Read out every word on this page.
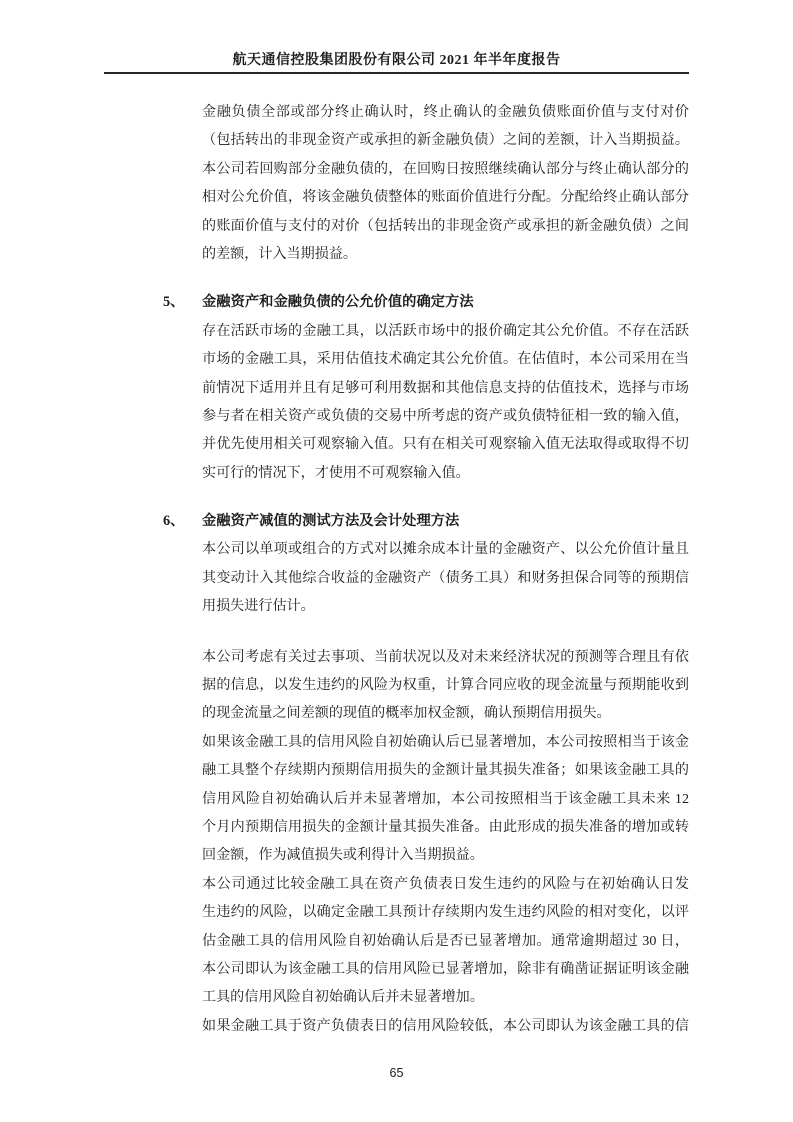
航天通信控股集团股份有限公司 2021 年半年度报告
金融负债全部或部分终止确认时，终止确认的金融负债账面价值与支付对价
（包括转出的非现金资产或承担的新金融负债）之间的差额，计入当期损益。
本公司若回购部分金融负债的，在回购日按照继续确认部分与终止确认部分的
相对公允价值，将该金融负债整体的账面价值进行分配。分配给终止确认部分
的账面价值与支付的对价（包括转出的非现金资产或承担的新金融负债）之间
的差额，计入当期损益。
5、 金融资产和金融负债的公允价值的确定方法
存在活跃市场的金融工具，以活跃市场中的报价确定其公允价值。不存在活跃
市场的金融工具，采用估值技术确定其公允价值。在估值时，本公司采用在当
前情况下适用并且有足够可利用数据和其他信息支持的估值技术，选择与市场
参与者在相关资产或负债的交易中所考虑的资产或负债特征相一致的输入值，
并优先使用相关可观察输入值。只有在相关可观察输入值无法取得或取得不切
实可行的情况下，才使用不可观察输入值。
6、 金融资产减值的测试方法及会计处理方法
本公司以单项或组合的方式对以摊余成本计量的金融资产、以公允价值计量且
其变动计入其他综合收益的金融资产（债务工具）和财务担保合同等的预期信
用损失进行估计。
本公司考虑有关过去事项、当前状况以及对未来经济状况的预测等合理且有依
据的信息，以发生违约的风险为权重，计算合同应收的现金流量与预期能收到
的现金流量之间差额的现值的概率加权金额，确认预期信用损失。
如果该金融工具的信用风险自初始确认后已显著增加，本公司按照相当于该金
融工具整个存续期内预期信用损失的金额计量其损失准备；如果该金融工具的
信用风险自初始确认后并未显著增加，本公司按照相当于该金融工具未来 12
个月内预期信用损失的金额计量其损失准备。由此形成的损失准备的增加或转
回金额，作为减值损失或利得计入当期损益。
本公司通过比较金融工具在资产负债表日发生违约的风险与在初始确认日发
生违约的风险，以确定金融工具预计存续期内发生违约风险的相对变化，以评
估金融工具的信用风险自初始确认后是否已显著增加。通常逾期超过 30 日，
本公司即认为该金融工具的信用风险已显著增加，除非有确凿证据证明该金融
工具的信用风险自初始确认后并未显著增加。
如果金融工具于资产负债表日的信用风险较低，本公司即认为该金融工具的信
65
